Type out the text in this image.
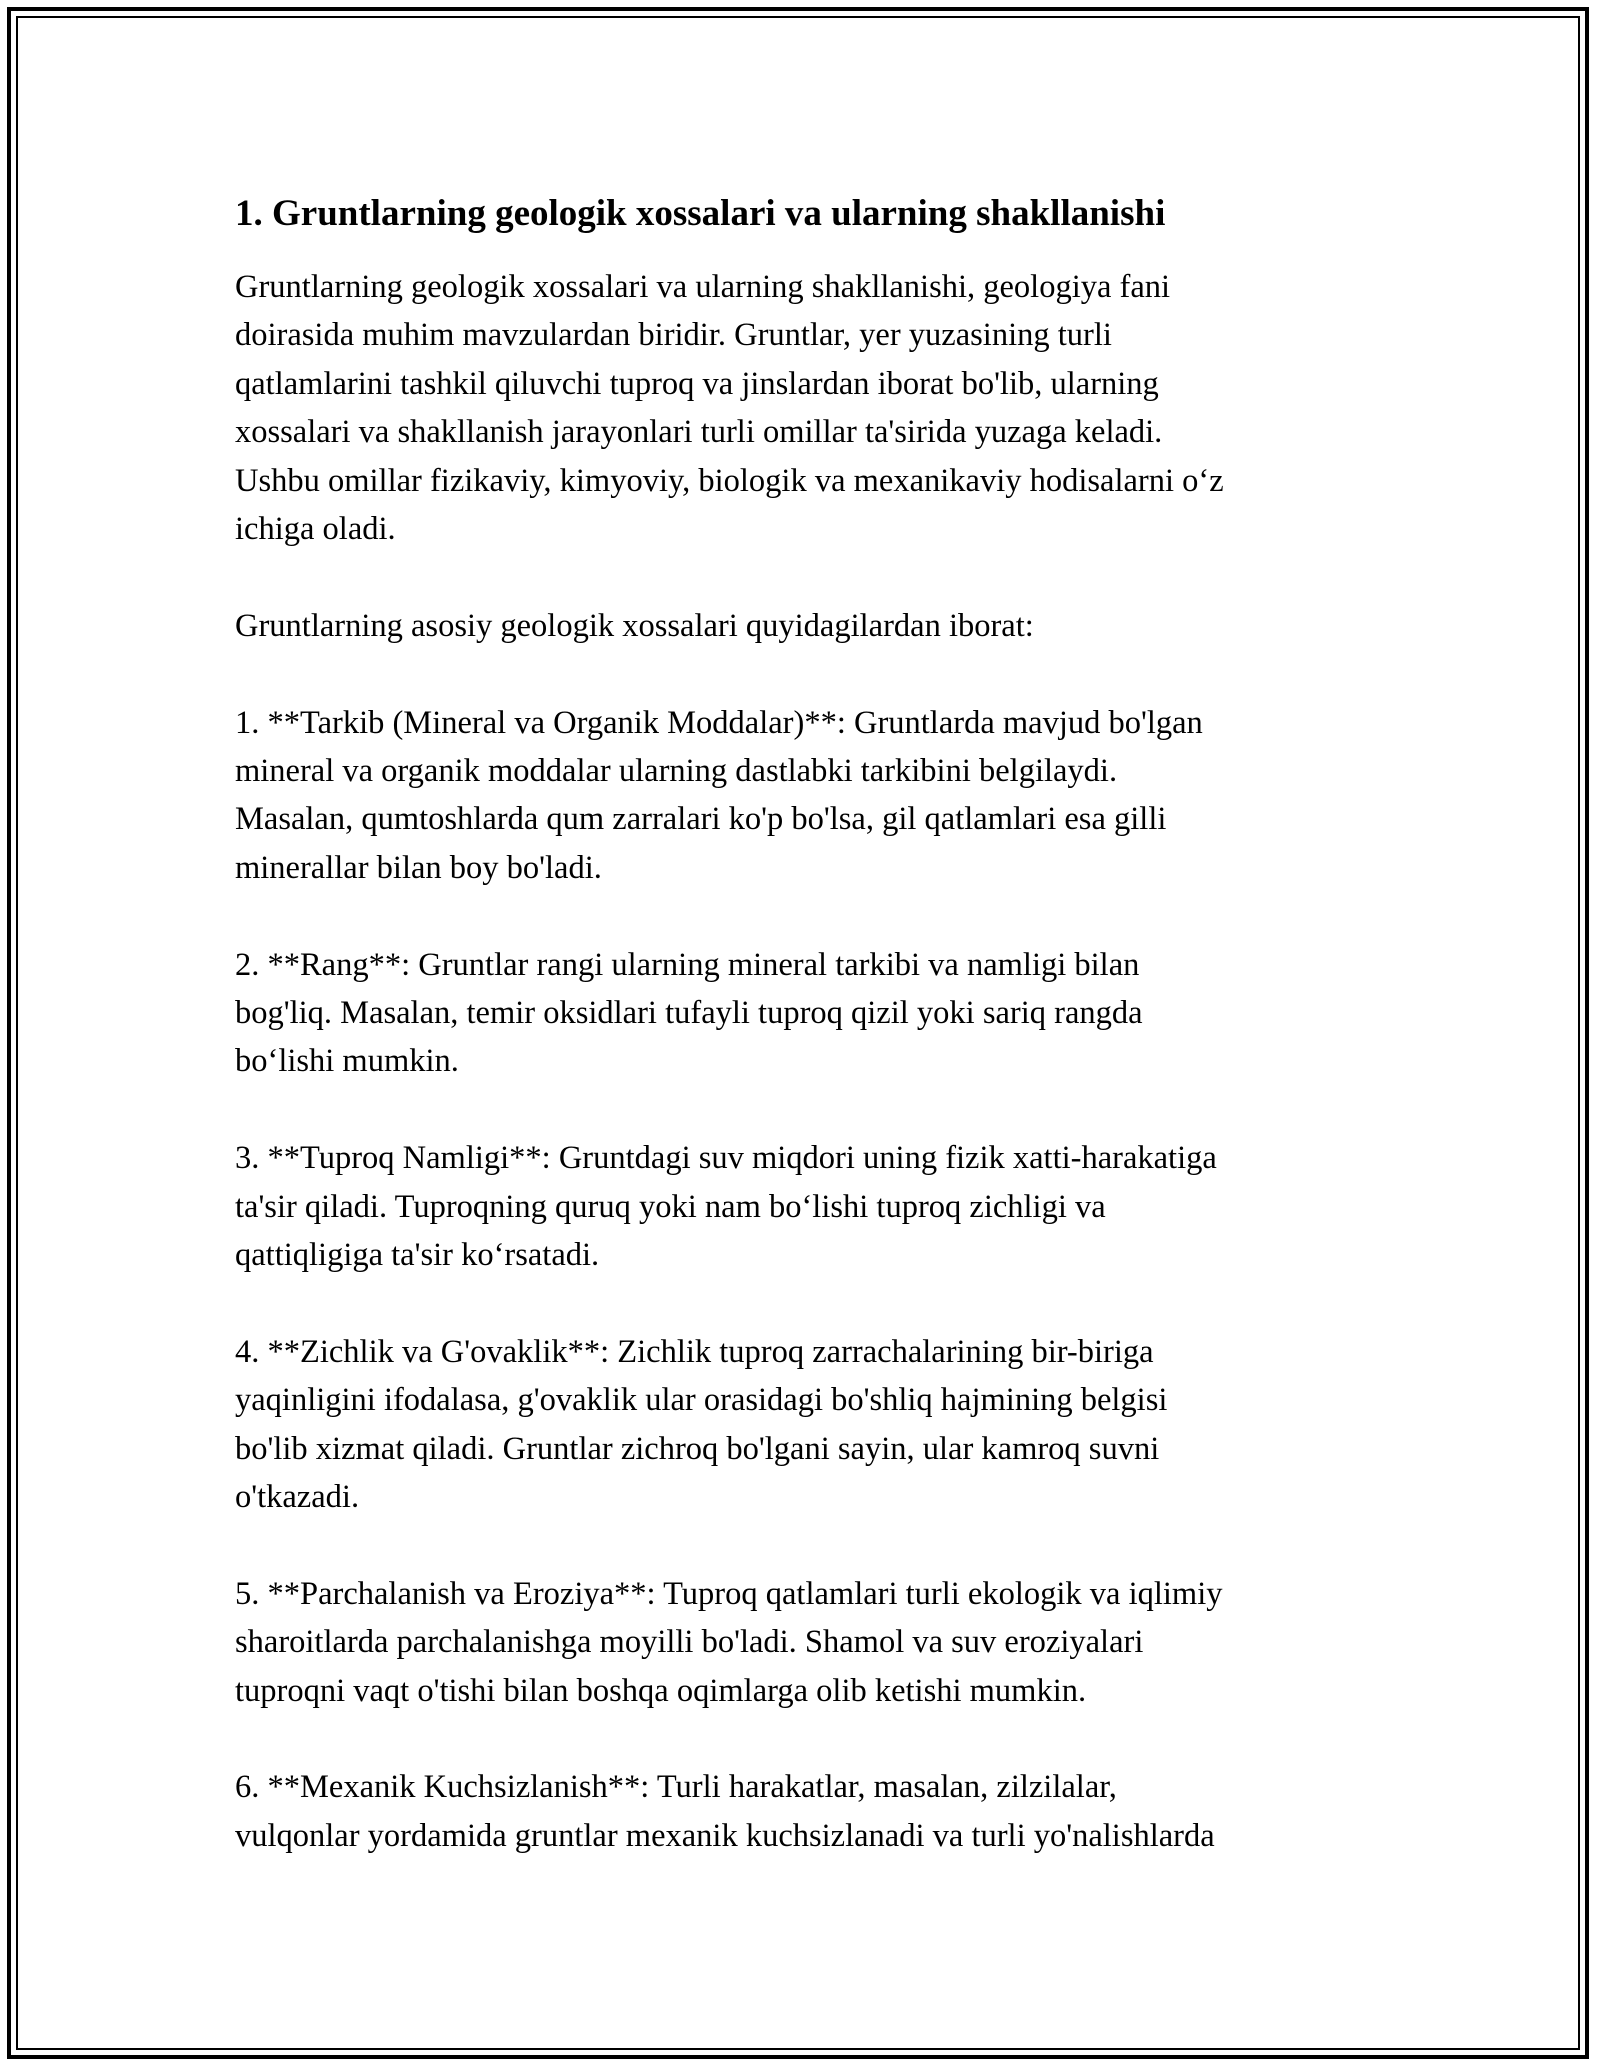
1. Gruntlarning geologik xossalari va ularning shakllanishi

Gruntlarning geologik xossalari va ularning shakllanishi, geologiya fani
doirasida muhim mavzulardan biridir. Gruntlar, yer yuzasining turli
qatlamlarini tashkil qiluvchi tuproq va jinslardan iborat bo'lib, ularning
xossalari va shakllanish jarayonlari turli omillar ta'sirida yuzaga keladi.
Ushbu omillar fizikaviy, kimyoviy, biologik va mexanikaviy hodisalarni o‘z
ichiga oladi.

Gruntlarning asosiy geologik xossalari quyidagilardan iborat:

1. **Tarkib (Mineral va Organik Moddalar)**: Gruntlarda mavjud bo'lgan
mineral va organik moddalar ularning dastlabki tarkibini belgilaydi.
Masalan, qumtoshlarda qum zarralari ko'p bo'lsa, gil qatlamlari esa gilli
minerallar bilan boy bo'ladi.

2. **Rang**: Gruntlar rangi ularning mineral tarkibi va namligi bilan
bog'liq. Masalan, temir oksidlari tufayli tuproq qizil yoki sariq rangda
bo‘lishi mumkin.

3. **Tuproq Namligi**: Gruntdagi suv miqdori uning fizik xatti-harakatiga
ta'sir qiladi. Tuproqning quruq yoki nam bo‘lishi tuproq zichligi va
qattiqligiga ta'sir ko‘rsatadi.

4. **Zichlik va G'ovaklik**: Zichlik tuproq zarrachalarining bir-biriga
yaqinligini ifodalasa, g'ovaklik ular orasidagi bo'shliq hajmining belgisi
bo'lib xizmat qiladi. Gruntlar zichroq bo'lgani sayin, ular kamroq suvni
o'tkazadi.

5. **Parchalanish va Eroziya**: Tuproq qatlamlari turli ekologik va iqlimiy
sharoitlarda parchalanishga moyilli bo'ladi. Shamol va suv eroziyalari
tuproqni vaqt o'tishi bilan boshqa oqimlarga olib ketishi mumkin.

6. **Mexanik Kuchsizlanish**: Turli harakatlar, masalan, zilzilalar,
vulqonlar yordamida gruntlar mexanik kuchsizlanadi va turli yo'nalishlarda
